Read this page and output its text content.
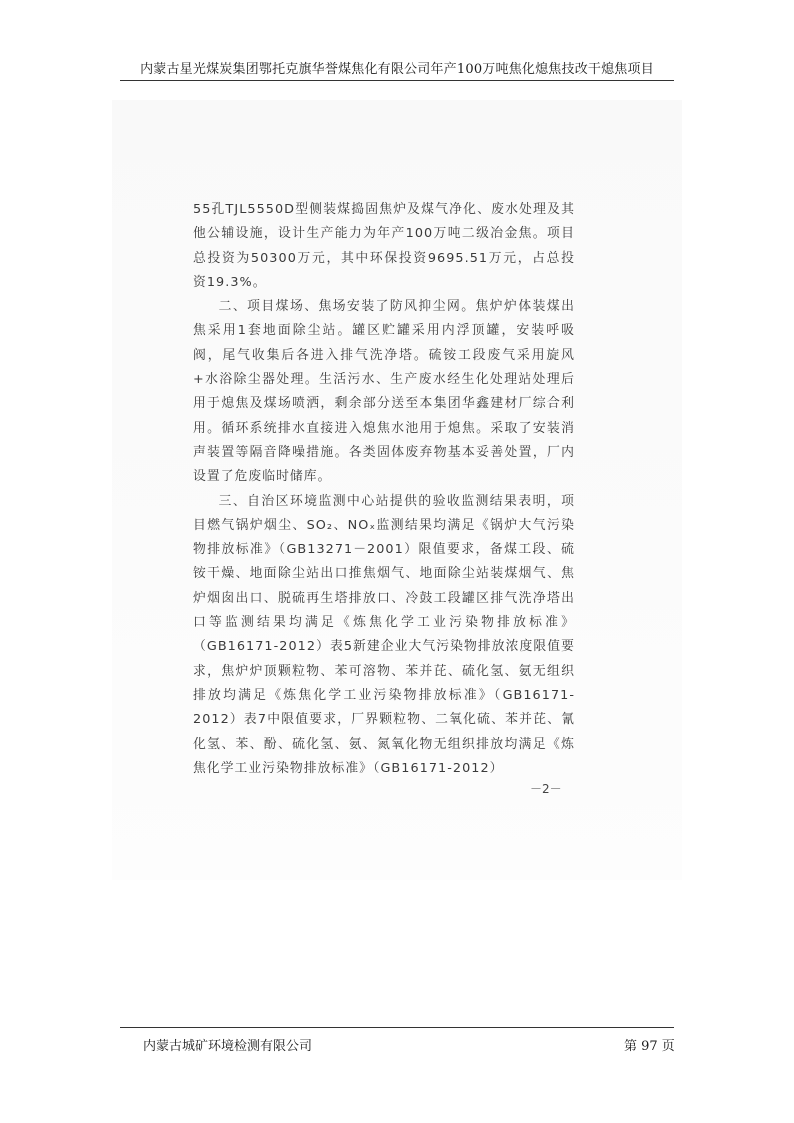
内蒙古星光煤炭集团鄂托克旗华誉煤焦化有限公司年产100万吨焦化熄焦技改干熄焦项目

55孔TJL5550D型侧装煤捣固焦炉及煤气净化、废水处理及其他公辅设施，设计生产能力为年产100万吨二级冶金焦。项目总投资为50300万元，其中环保投资9695.51万元，占总投资19.3%。

二、项目煤场、焦场安装了防风抑尘网。焦炉炉体装煤出焦采用1套地面除尘站。罐区贮罐采用内浮顶罐，安装呼吸阀，尾气收集后各进入排气洗净塔。硫铵工段废气采用旋风+水浴除尘器处理。生活污水、生产废水经生化处理站处理后用于熄焦及煤场喷洒，剩余部分送至本集团华鑫建材厂综合利用。循环系统排水直接进入熄焦水池用于熄焦。采取了安装消声装置等隔音降噪措施。各类固体废弃物基本妥善处置，厂内设置了危废临时储库。

三、自治区环境监测中心站提供的验收监测结果表明，项目燃气锅炉烟尘、SO₂、NOₓ监测结果均满足《锅炉大气污染物排放标准》（GB13271－2001）限值要求，备煤工段、硫铵干燥、地面除尘站出口推焦烟气、地面除尘站装煤烟气、焦炉烟囱出口、脱硫再生塔排放口、冷鼓工段罐区排气洗净塔出口等监测结果均满足《炼焦化学工业污染物排放标准》（GB16171-2012）表5新建企业大气污染物排放浓度限值要求，焦炉炉顶颗粒物、苯可溶物、苯并芘、硫化氢、氨无组织排放均满足《炼焦化学工业污染物排放标准》（GB16171-2012）表7中限值要求，厂界颗粒物、二氧化硫、苯并芘、氰化氢、苯、酚、硫化氢、氨、氮氧化物无组织排放均满足《炼焦化学工业污染物排放标准》（GB16171-2012）

－2－
内蒙古城矿环境检测有限公司	第 97 页
